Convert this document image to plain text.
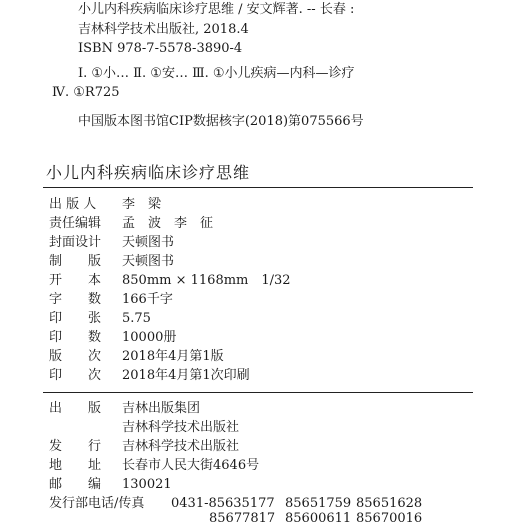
小儿内科疾病临床诊疗思维 / 安文辉著. -- 长春 :
吉林科学技术出版社, 2018.4
ISBN 978-7-5578-3890-4
Ⅰ. ①小… Ⅱ. ①安… Ⅲ. ①小儿疾病—内科—诊疗
Ⅳ. ①R725
中国版本图书馆CIP数据核字(2018)第075566号
小儿内科疾病临床诊疗思维
出 版 人 李　梁
责任编辑 孟　波　李　征
封面设计 天顿图书
制　　版 天顿图书
开　　本 850mm × 1168mm　1/32
字　　数 166千字
印　　张 5.75
印　　数 10000册
版　　次 2018年4月第1版
印　　次 2018年4月第1次印刷
出　　版 吉林出版集团
吉林科学技术出版社
发　　行 吉林科学技术出版社
地　　址 长春市人民大街4646号
邮　　编 130021
发行部电话/传真 0431-85635177 85651759 85651628
85677817 85600611 85670016
